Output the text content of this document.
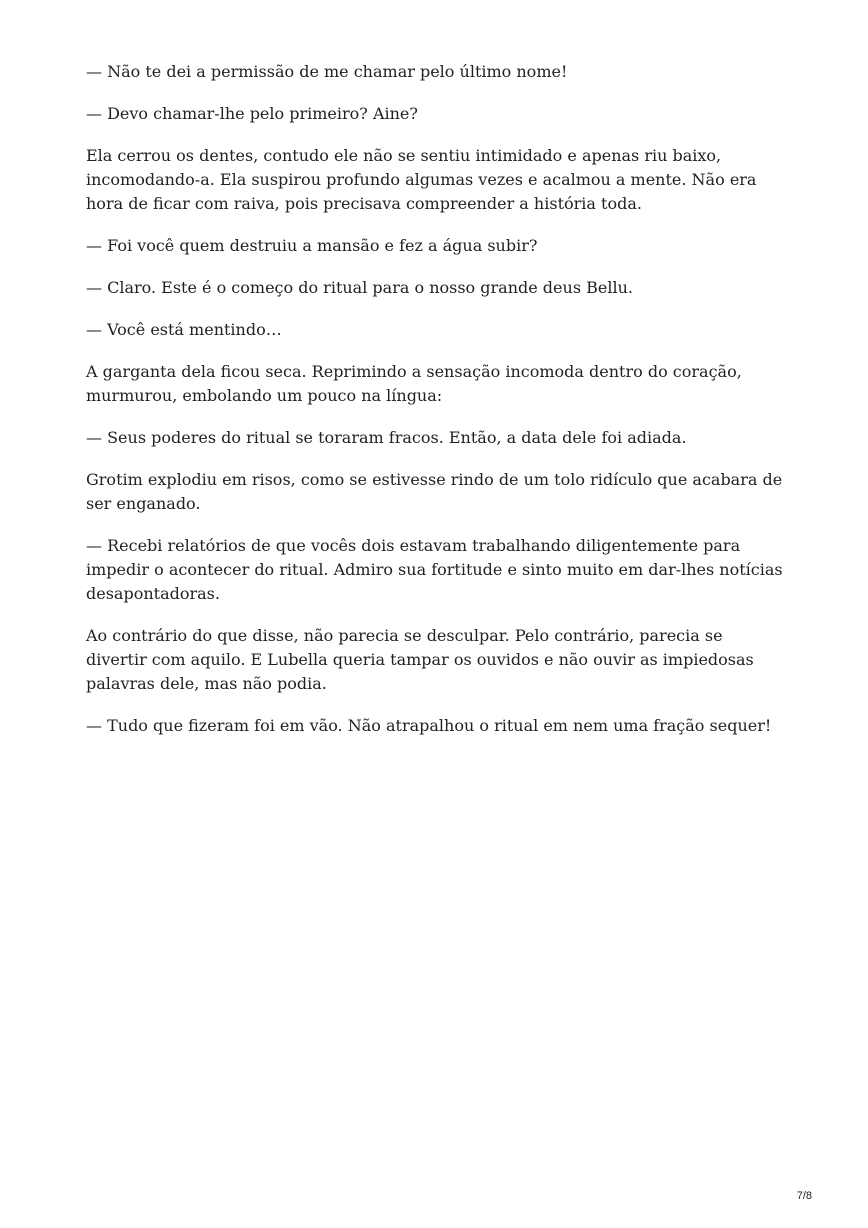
— Não te dei a permissão de me chamar pelo último nome!

— Devo chamar-lhe pelo primeiro? Aine?

Ela cerrou os dentes, contudo ele não se sentiu intimidado e apenas riu baixo, incomodando-a. Ela suspirou profundo algumas vezes e acalmou a mente. Não era hora de ficar com raiva, pois precisava compreender a história toda.

— Foi você quem destruiu a mansão e fez a água subir?

— Claro. Este é o começo do ritual para o nosso grande deus Bellu.

— Você está mentindo…

A garganta dela ficou seca. Reprimindo a sensação incomoda dentro do coração, murmurou, embolando um pouco na língua:

— Seus poderes do ritual se toraram fracos. Então, a data dele foi adiada.

Grotim explodiu em risos, como se estivesse rindo de um tolo ridículo que acabara de ser enganado.

— Recebi relatórios de que vocês dois estavam trabalhando diligentemente para impedir o acontecer do ritual. Admiro sua fortitude e sinto muito em dar-lhes notícias desapontadoras.

Ao contrário do que disse, não parecia se desculpar. Pelo contrário, parecia se divertir com aquilo. E Lubella queria tampar os ouvidos e não ouvir as impiedosas palavras dele, mas não podia.

— Tudo que fizeram foi em vão. Não atrapalhou o ritual em nem uma fração sequer!

7/8
